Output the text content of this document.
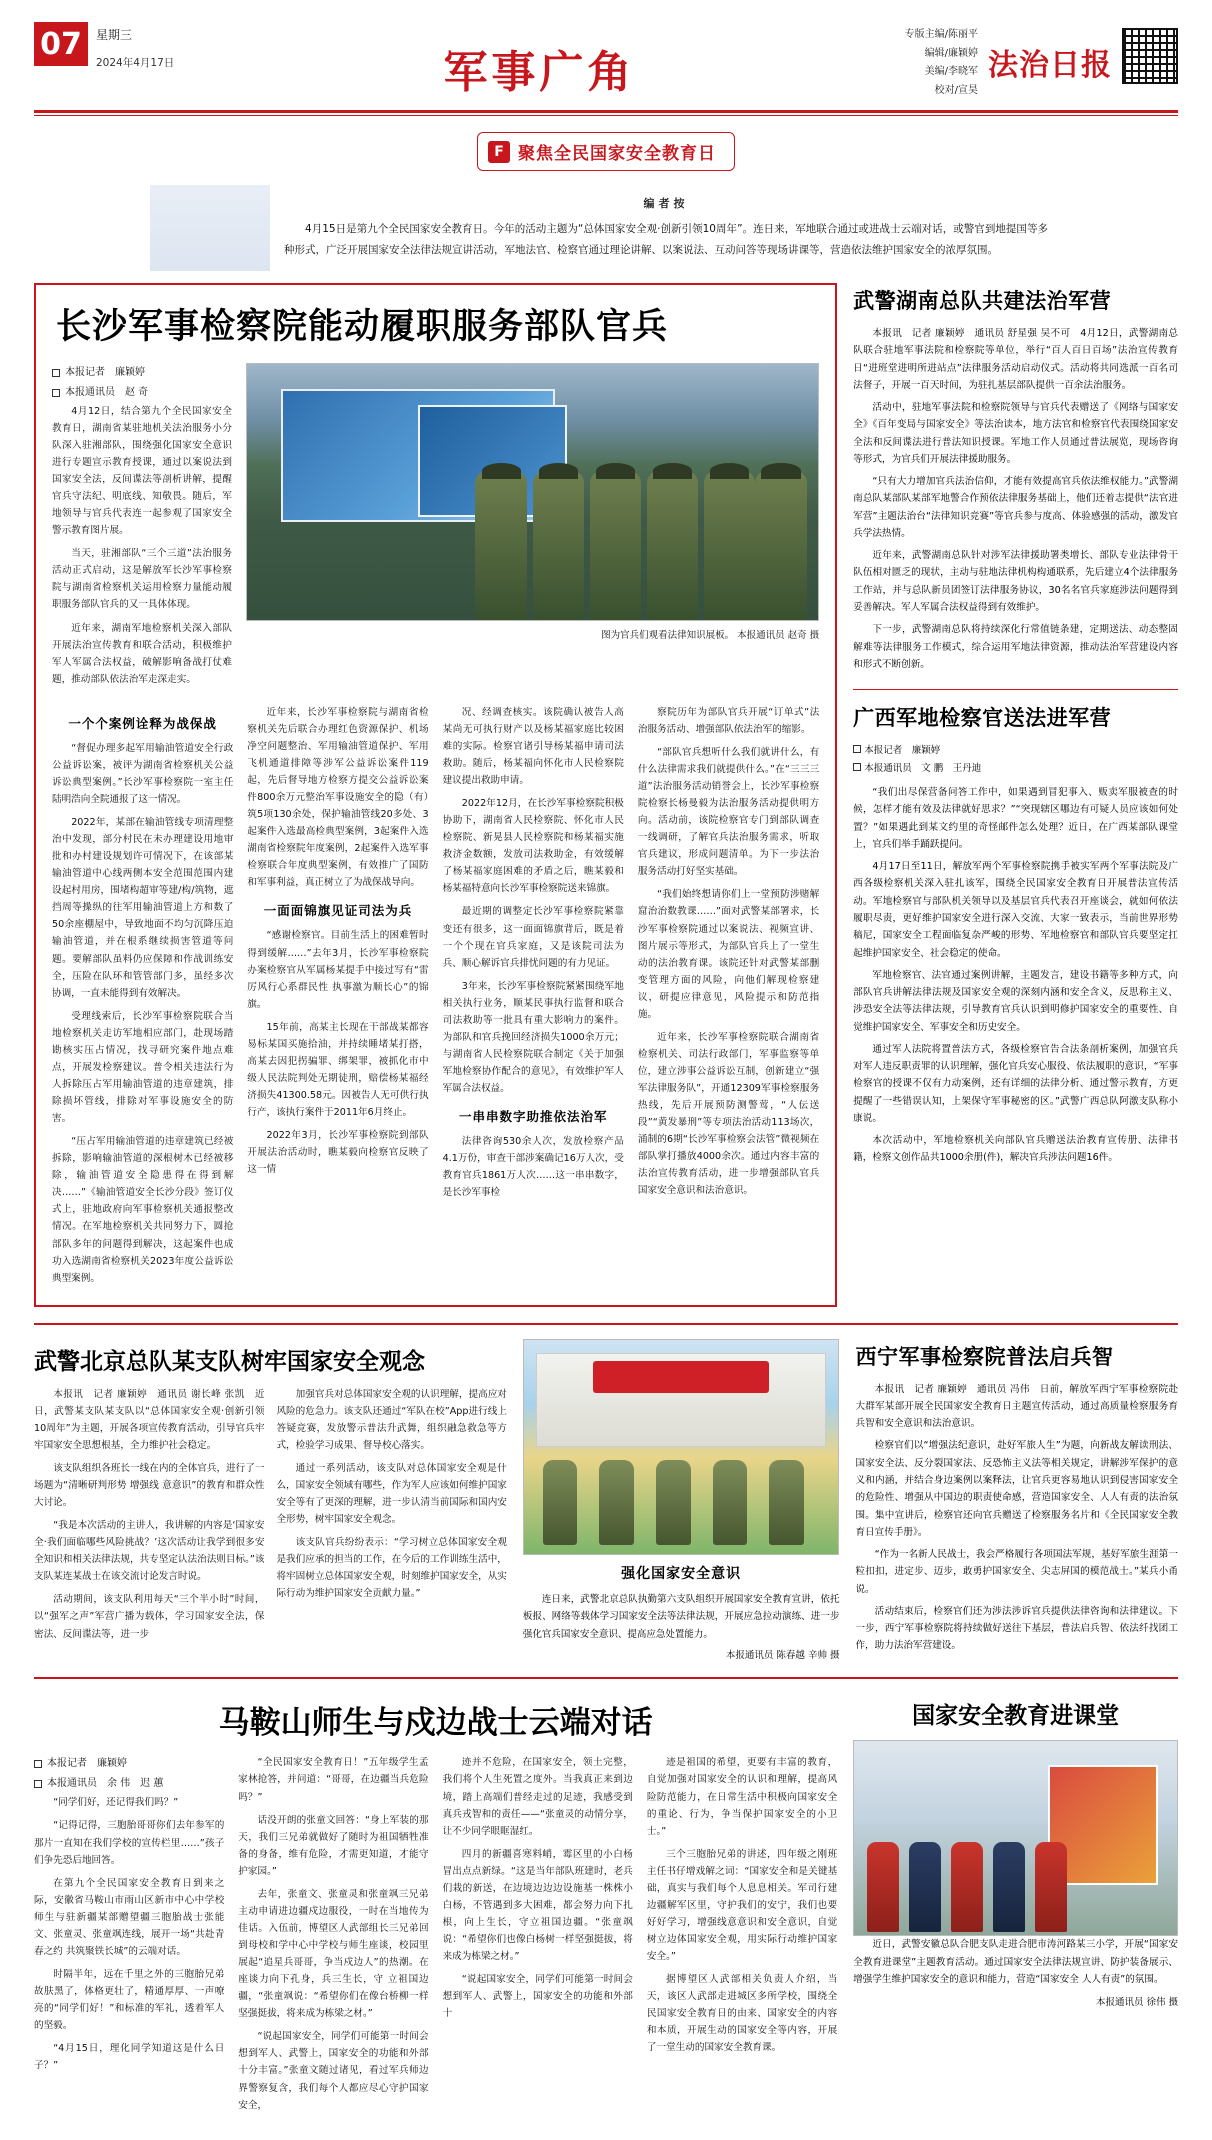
07	星期三
2024年4月17日	军事广角
专版主编/陈丽平
编辑/廉颖婷
美编/李晓军
校对/宣昊
法治日报
F 聚焦全民国家安全教育日
编者按
4月15日是第九个全民国家安全教育日。今年的活动主题为“总体国家安全观·创新引领10周年”。连日来，军地联合通过或进战士云端对话，或警官到地提国等多种形式，广泛开展国家安全法律法规宣讲活动，军地法官、检察官通过理论讲解、以案说法、互动问答等现场讲课等，营造依法维护国家安全的浓厚氛围。
长沙军事检察院能动履职服务部队官兵
本报记者　廉颖婷
本报通讯员　赵 奇

4月12日，结合第九个全民国家安全教育日，湖南省某驻地机关法治服务小分队深入驻湘部队，围绕强化国家安全意识进行专题宣示教育授课，通过以案说法到国家安全法，反间谍法等剖析讲解，提醒官兵守法纪、明底线、知敬畏。随后，军地领导与官兵代表连一起参观了国家安全警示教育图片展。

当天，驻湘部队“三个三道”法治服务活动正式启动，这是解放军长沙军事检察院与湖南省检察机关运用检察力量能动履职服务部队官兵的又一具体体现。

近年来，湖南军地检察机关深入部队开展法治宣传教育和联合活动，积极维护军人军属合法权益，破解影响备战打仗难题，推动部队依法治军走深走实。

图为官兵们观看法律知识展板。 本报通讯员 赵奇 摄
一个个案例诠释为战保战

“督促办理多起军用输油管道安全行政公益诉讼案，被评为湖南省检察机关公益诉讼典型案例。”长沙军事检察院一室主任陆明浩向全院通报了这一情况。

2022年，某部在输油管线专项清理整治中发现，部分村民在未办理建设用地审批和办村建设规划许可情况下，在该部某输油管道中心线两侧本安全范围范围内建设起村用房，围堵构超审等建/构/筑物，遮挡周等操纵的往军用输油管道上方和数了50余座棚屋中，导致地面不均匀沉降压迫输油管道，并在根系继续损害管道等问题。要解部队虽料仍应保障和作战训练安全，压险在队环和管管部门多，虽经多次协调，一直未能得到有效解决。

受理线索后，长沙军事检察院联合当地检察机关走访军地相应部门，赴现场踏勘核实压占情况，找寻研究案件地点难点，开展发检察建议。普令相关违法行为人拆除压占军用输油管道的违章建筑，排除损坏管线，排除对军事设施安全的防害。

“压占军用输油管道的违章建筑已经被拆除，影响输油管道的深根树木已经被移除，输油管道安全隐患得在得到解决……”《输油管道安全长沙分段》签订仪式上，驻地政府向军事检察机关通报整改情况。在军地检察机关共同努力下，圆抢部队多年的问题得到解决，这起案件也成功入选湖南省检察机关2023年度公益诉讼典型案例。

近年来，长沙军事检察院与湖南省检察机关先后联合办理红色资源保护、机场净空问题整治、军用输油管道保护、军用飞机通道排障等涉军公益诉讼案件119起，先后督导地方检察方提交公益诉讼案件800余万元整治军事设施安全的隐（有）筑5项130余处，保护输油管线20多处、3起案件入选最高检典型案例，3起案件入选湖南省检察院年度案例，2起案件入选军事检察联合年度典型案例，有效推广了国防和军事利益，真正树立了为战保战导向。

一面面锦旗见证司法为兵

“感谢检察官。目前生活上的困难暂时得到缓解……”去年3月，长沙军事检察院办案检察官从军属杨某提手中接过写有“雷厉风行心系群民性 执事激为顺长心”的锦旗。

15年前，高某主长现在干部战某都容易标某国买施拾油，并持续睡堵某打搭，高某去因犯拐骗罪、绑架罪，被抓化市中级人民法院判处无期徒刑，赔偿杨某福经济损失41300.58元。因被告人无可供行执行产，该执行案件于2011年6月终止。

2022年3月，长沙军事检察院到部队开展法治活动时，瞧某毅向检察官反映了这一情

况、经调查核实。该院确认被告人高某尚无可执行财产以及杨某福家庭比较困难的实际。检察官诸引导杨某福申请司法救助。随后，杨某福向怀化市人民检察院建议提出救助申请。

2022年12月，在长沙军事检察院积极协助下，湖南省人民检察院、怀化市人民检察院、新晃县人民检察院和杨某福实施救济金数额，发放司法救助金，有效缓解了杨某福家庭困难的矛盾之后，瞧某毅和杨某福特意向长沙军事检察院送来锦旗。

最近期的调整定长沙军事检察院紧靠变还有很多，这一面面锦旗背后，既是着一个个现在官兵家庭，又是该院司法为兵、顺心解诉官兵排忧问题的有力见证。

3年来，长沙军事检察院紧紧围绕军地相关执行业务，顺某民事执行监督和联合司法救助等一批具有重大影响力的案件。为部队和官兵挽回经济损失1000余万元；与湖南省人民检察院联合制定《关于加强军地检察协作配合的意见》，有效维护军人军属合法权益。

一串串数字助推依法治军

法律咨询530余人次，发放检察产品4.1万份，审查干部涉案确记16万人次，受教育官兵1861万人次……这一串串数字，是长沙军事检

察院历年为部队官兵开展“订单式”法治服务活动、增强部队依法治军的缩影。

“部队官兵想听什么我们就讲什么，有什么法律需求我们就提供什么。”在“三三三道”法治服务活动销誉会上，长沙军事检察院检察长杨曼毅为法治服务活动提供明方向。活动前，该院检察官专门到部队调查一线调研，了解官兵法治服务需求，听取官兵建议，形成问题清单。为下一步法治服务活动打好坚实基础。

“我们始终想请你们上一堂预防涉赌解窟治治数教课……”面对武警某部署求，长沙军事检察院通过以案说法、视频宣讲、图片展示等形式，为部队官兵上了一堂生动的法治教育课。该院还针对武警某部删变管理方面的风险，向他们解现检察建议，研提应律意见，风险提示和防范指施。

近年来，长沙军事检察院联合湖南省检察机关、司法行政部门，军事监察等单位，建立涉事公益诉讼互制，创新建立“强军法律服务队”，开通12309军事检察服务热线，先后开展预防测警莺，“人伝送段”“黄发暴刑”等专项法治活动113场次，涌制的6期“长沙军事检察会法管”微视频在部队掌打播放4000余次。通过内容丰富的法治宣传教育活动，进一步增强部队官兵国家安全意识和法治意识。

武警湖南总队共建法治军营

本报讯　记者 廉颖婷　通讯员 舒星强 吴不可　4月12日，武警湖南总队联合驻地军事法院和检察院等单位，举行“百人百日百场”法治宣传教育日“进班堂进明所进站点”法律服务活动启动仪式。活动将共同选派一百名司法督子，开展一百天时间，为驻扎基层部队提供一百余法治服务。

活动中，驻地军事法院和检察院领导与官兵代表赠送了《网络与国家安全》《百年变局与国家安全》等法治读本，地方法官和检察官代表围绕国家安全法和反间谍法进行普法知识授课。军地工作人员通过普法展览，现场咨询等形式，为官兵们开展法律援助服务。

“只有大力增加官兵法治信仰，才能有效提高官兵依法维权能力。”武警湖南总队某部队某部军地警合作预依法律服务基础上，他们还着志提供“法官进军营”主题法治台“法律知识竞赛”等官兵参与度高、体验感强的活动，激发官兵学法热情。

近年来，武警湖南总队针对涉军法律援助署类增长、部队专业法律骨干队伍相对匮乏的现状，主动与驻地法律机构构通联系，先后建立4个法律服务工作站，并与总队新员团签订法律服务协议，30名名官兵家庭涉法问题得到妥善解决。军人军属合法权益得到有效维护。

下一步，武警湖南总队将持续深化行常值链条建，定期送法、动态整固解难等法律服务工作模式，综合运用军地法律资源，推动法治军营建设内容和形式不断创新。

广西军地检察官送法进军营
本报记者　廉颖婷
本报通讯员　文 鹏　王丹迪

“我们出尽保营备问答工作中，如果遇到冒犯事入、贩卖军服被查的时候，怎样才能有效及法律就好思求？”“突现辖区哪边有可疑人员应该如何处置？”如果遇此到某文约里的奇怪邮件怎么处理？近日，在广西某部队课堂上，官兵们举手踊跃提问。

4月17日至11日，解放军两个军事检察院携手被实军两个军事法院及广西各级检察机关深入驻扎该军，围绕全民国家安全教育日开展普法宣传活动。军地检察官与部队机关领导以及基层官兵代表召开座谈会，就如何依法履职尽责，更好维护国家安全进行深入交流、大家一致表示，当前世界形势稿尼，国家安全工程面临复杂严峻的形势、军地检察官和部队官兵要坚定扛起维护国家安全、社会稳定的使命。

军地检察官、法官通过案例讲解，主题发言，建设书籍等多种方式，向部队官兵讲解法律法规及国家安全观的深刻内涵和安全含义，反思称主义、涉恐安全法等法律法规，引导教育官兵认识到明修护国家安全的重要性、自觉维护国家安全、军事安全和历史安全。

通过军人法院将置普法方式，各级检察官告合法条剖析案例，加强官兵对军人违反职责罪的认识理解，强化官兵安心服役、依法履职的意识，“军事检察官的授课不仅有力动案例，还有详细的法律分析、通过警示教育，方更提醒了一些错误认知，上架保守军事秘密的区。”武警广西总队阿激支队称小康说。

本次活动中，军地检察机关向部队官兵赠送法治教育宣传册、法律书籍，检察文创作品共1000余册(件)，解决官兵涉法问题16件。

武警北京总队某支队树牢国家安全观念

本报讯　记者 廉颖婷　通讯员 谢长峰 张凯　近日，武警某支队某支队以“总体国家安全观·创新引领10周年”为主题，开展各项宣传教育活动，引导官兵牢牢国家安全思想根基，全力维护社会稳定。

该支队组织各班长一线在内的全体官兵，进行了一场题为“清晰研判形势 增强线 意意识”的教育和群众性大讨论。

“我是本次活动的主讲人，我讲解的内容是‘国家安全·我们面临哪些风险挑战？’这次活动让我学到很多安全知识和相关法律法规，共专坚定认法治法则目标。”该支队某连某战士在该交流讨论发言时说。

活动期间，该支队利用每天“三个半小时”时间，以“强军之声”军营广播为载体，学习国家安全法，保密法、反间谍法等，进一步

加强官兵对总体国家安全观的认识理解，提高应对风险的危急力。该支队还通过“军队在校”App进行线上答疑竞赛，发放警示普法升武舞，组织融急救急等方式，检验学习成果、督导校心落实。

通过一系列活动，该支队对总体国家安全观是什么，国家安全领域有哪些，作为军人应该如何维护国家安全等有了更深的理解，进一步认清当前国际和国内安全形势，树牢国家安全观念。

该支队官兵纷纷表示：“学习树立总体国家安全观是我们应承的担当的工作，在今后的工作训练生活中，将牢固树立总体国家安全观，时刻维护国家安全，从实际行动为维护国家安全贡献力量。”

强化国家安全意识
连日来，武警北京总队执勤第六支队组织开展国家安全教育宣讲，依托板报、网络等载体学习国家安全法等法律法规，开展应急拉动演练、进一步强化官兵国家安全意识、提高应急处置能力。
本报通讯员 陈春越 辛帅 摄
西宁军事检察院普法启兵智

本报讯　记者 廉颖婷　通讯员 冯伟　日前，解放军西宁军事检察院赴大群军某部开展全民国家安全教育日主题宣传活动，通过高质量检察服务育兵智和安全意识和法治意识。

检察官们以“增强法纪意识，赴好军旅人生”为题，向新战友解读刑法、国家安全法、反分裂国家法、反恐怖主义法等相关规定，讲解涉军保护的意义和内涵，并结合身边案例以案释法，让官兵更容易地认识到侵害国家安全的危险性、增强从中国边的职责使命感，营造国家安全、人人有责的法治氛围。集中宣讲后，检察官还向官兵赠送了检察服务名片和《全民国家安全教育日宣传手册》。

“作为一名新人民战士，我会严格履行各项国法军规，基好军旅生涯第一粒扣扣，进定步、迈步，敢勇护国家安全、尖志屏国的模范战士。”某兵小甬说。

活动结束后，检察官们还为涉法涉诉官兵提供法律咨询和法律建议。下一步，西宁军事检察院将持续做好送往下基层，普法启兵智、依法纤找团工作，助力法治军营建设。

马鞍山师生与戍边战士云端对话
本报记者　廉颖婷
本报通讯员　余 伟　迟 蕙

“同学们好，还记得我们吗？”

“记得记得，三胞胎哥哥你们去年参军的那片一直知在我们学校的宣传栏里……”孩子们争先恐后地回答。

在第九个全民国家安全教育日到来之际，安徽省马鞍山市雨山区新市中心中学校师生与驻新疆某部赠望疆三胞胎战士张能文、张童灵、张童飒连线，展开一场“共赴青春之约 共筑聚铁长城”的云端对话。

时隔半年，远在千里之外的三胞胎兄弟故肤黑了，体格更壮了，精通厚厚、一声嘹亮的“同学们好！”和标准的军礼，透着军人的坚毅。

“4月15日，理化同学知道这是什么日子？”

“全民国家安全教育日！”五年级学生孟家林抢答，并问道：“哥哥，在边疆当兵危险吗？”

话没开朗的张童文回答：“身上军装的那天，我们三兄弟就做好了随时为祖国牺牲准备的身备，维有危险，才需更知道，才能守护家园。”

去年，张童文、张童灵和张童飒三兄弟主动申请进边疆戍边服役，一时在当地传为佳话。入伍前，博望区人武部组长三兄弟回到母校和学中心中学校与师生座谈，校园里展起“追星兵哥哥，争当戍边人”的热潮。在座谈力向下孔身，兵三生长，守 立祖国边疆，“张童飒说：“希望你们在像台桥柳一样坚强挺拔，将来成为栋梁之材。”

“说起国家安全，同学们可能第一时间会想到军人、武警上，国家安全的功能和外部十分丰富。”张童文随过诸见，看过军兵师边界警察复含，我们每个人都应尽心守护国家安全，

迹并不危险，在国家安全，领土完整，我们将个人生死置之度外。当我真正来到边境，踏上高端们普经走过的足迹，我感受到真兵戎智和的责任——“张童灵的动情分享，让不少同学眼眶湿红。

四月的新疆喜寒料峭，霉区里的小白杨冒出点点新绿。“这是当年部队班建时，老兵们栽的新送，在边境边边边设施基一株株小白杨，不管遇到多大困难，都会努力向下扎根，向上生长，守立祖国边疆。“张童飒说：“希望你们也像白杨树一样坚强挺拔，将来成为栋梁之材。”

“说起国家安全，同学们可能第一时间会想到军人、武警上，国家安全的功能和外部十

迹是祖国的希望，更要有丰富的教育，自觉加强对国家安全的认识和理解，提高风险防范能力，在日常生活中积极向国家安全的重论、行为，争当保护国家安全的小卫士。”

三个三胞胎兄弟的讲述，四年级之刚班主任书仔增戏解之词：“国家安全和是关键基础，真实与我们每个人息息相关。军司行建边疆解军区里，守护我们的安宁，我们也要好好学习，增强线意意识和安全意识，自觉树立边体国家安全观，用实际行动维护国家安全。”

据博望区人武部相关负责人介绍，当天，该区人武部走进城区多所学校，围绕全民国家安全教育日的由来、国家安全的内容和本质，开展生动的国家安全等内容，开展了一堂生动的国家安全教育课。

国家安全教育进课堂

近日，武警安徽总队合肥支队走进合肥市涛河路某三小学，开展“国家安全教育进课堂”主题教育活动。通过国家安全法律法规宣讲、防护装备展示、增强学生维护国家安全的意识和能力，营造“国家安全 人人有责”的氛围。

本报通讯员 徐伟 摄
